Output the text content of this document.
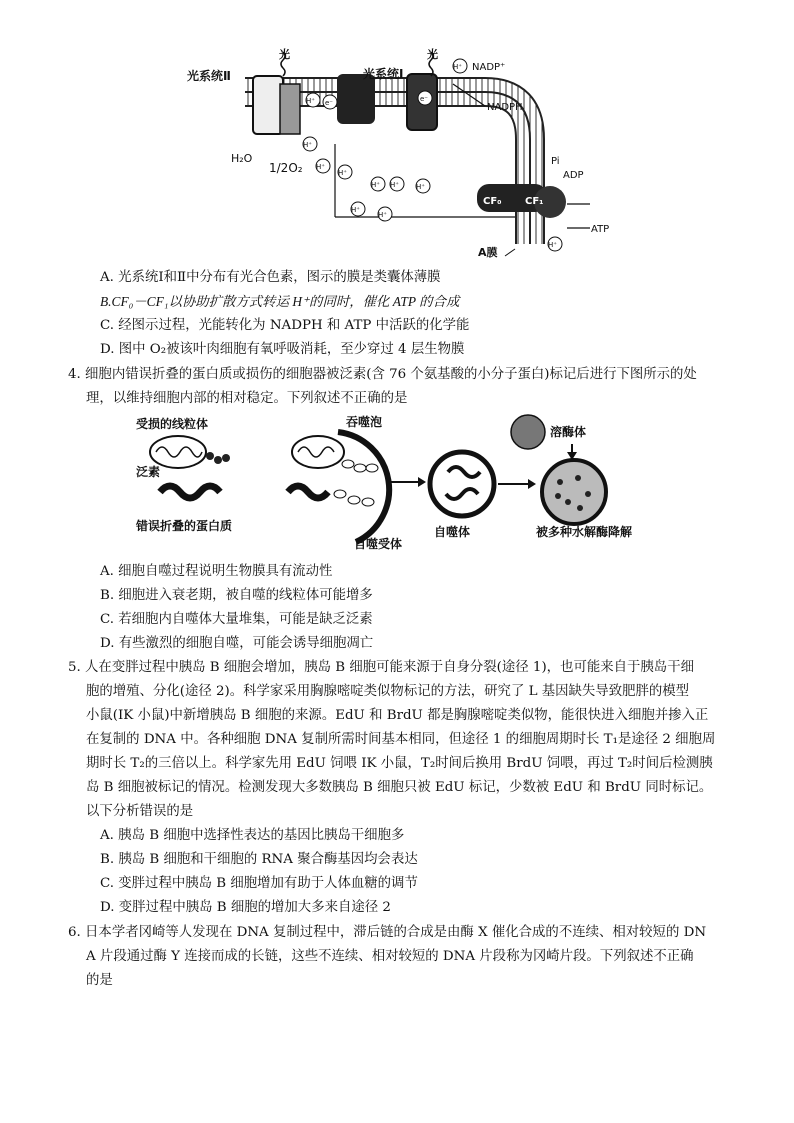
H⁺
H⁺
H⁺
H⁺
H⁺ H⁺ H⁺
H⁺
H⁺
H⁺
H⁺
e⁻	e⁻
光系统Ⅱ	光系统Ⅰ
光	光
H₂O
1/2O₂
NADP⁺
NADPH
Pi
ADP
ATP
CF₀ CF₁
A膜
A. 光系统Ⅰ和Ⅱ中分布有光合色素，图示的膜是类囊体薄膜
B.CF₀－CF₁以协助扩散方式转运 H⁺的同时，催化 ATP 的合成
C. 经图示过程，光能转化为 NADPH 和 ATP 中活跃的化学能
D. 图中 O₂被该叶肉细胞有氧呼吸消耗，至少穿过 4 层生物膜
4. 细胞内错误折叠的蛋白质或损伤的细胞器被泛素(含 76 个氨基酸的小分子蛋白)标记后进行下图所示的处
理，以维持细胞内部的相对稳定。下列叙述不正确的是
受损的线粒体
泛素
错误折叠的蛋白质
吞噬泡
自噬受体
自噬体
溶酶体
被多种水解酶降解
A. 细胞自噬过程说明生物膜具有流动性
B. 细胞进入衰老期，被自噬的线粒体可能增多
C. 若细胞内自噬体大量堆集，可能是缺乏泛素
D. 有些激烈的细胞自噬，可能会诱导细胞凋亡
5. 人在变胖过程中胰岛 B 细胞会增加，胰岛 B 细胞可能来源于自身分裂(途径 1)，也可能来自于胰岛干细
胞的增殖、分化(途径 2)。科学家采用胸腺嘧啶类似物标记的方法，研究了 L 基因缺失导致肥胖的模型
小鼠(IK 小鼠)中新增胰岛 B 细胞的来源。EdU 和 BrdU 都是胸腺嘧啶类似物，能很快进入细胞并掺入正
在复制的 DNA 中。各种细胞 DNA 复制所需时间基本相同，但途径 1 的细胞周期时长 T₁是途径 2 细胞周
期时长 T₂的三倍以上。科学家先用 EdU 饲喂 IK 小鼠，T₂时间后换用 BrdU 饲喂，再过 T₂时间后检测胰
岛 B 细胞被标记的情况。检测发现大多数胰岛 B 细胞只被 EdU 标记，少数被 EdU 和 BrdU 同时标记。
以下分析错误的是
A. 胰岛 B 细胞中选择性表达的基因比胰岛干细胞多
B. 胰岛 B 细胞和干细胞的 RNA 聚合酶基因均会表达
C. 变胖过程中胰岛 B 细胞增加有助于人体血糖的调节
D. 变胖过程中胰岛 B 细胞的增加大多来自途径 2
6. 日本学者冈崎等人发现在 DNA 复制过程中，滞后链的合成是由酶 X 催化合成的不连续、相对较短的 DN
A 片段通过酶 Y 连接而成的长链，这些不连续、相对较短的 DNA 片段称为冈崎片段。下列叙述不正确
的是
